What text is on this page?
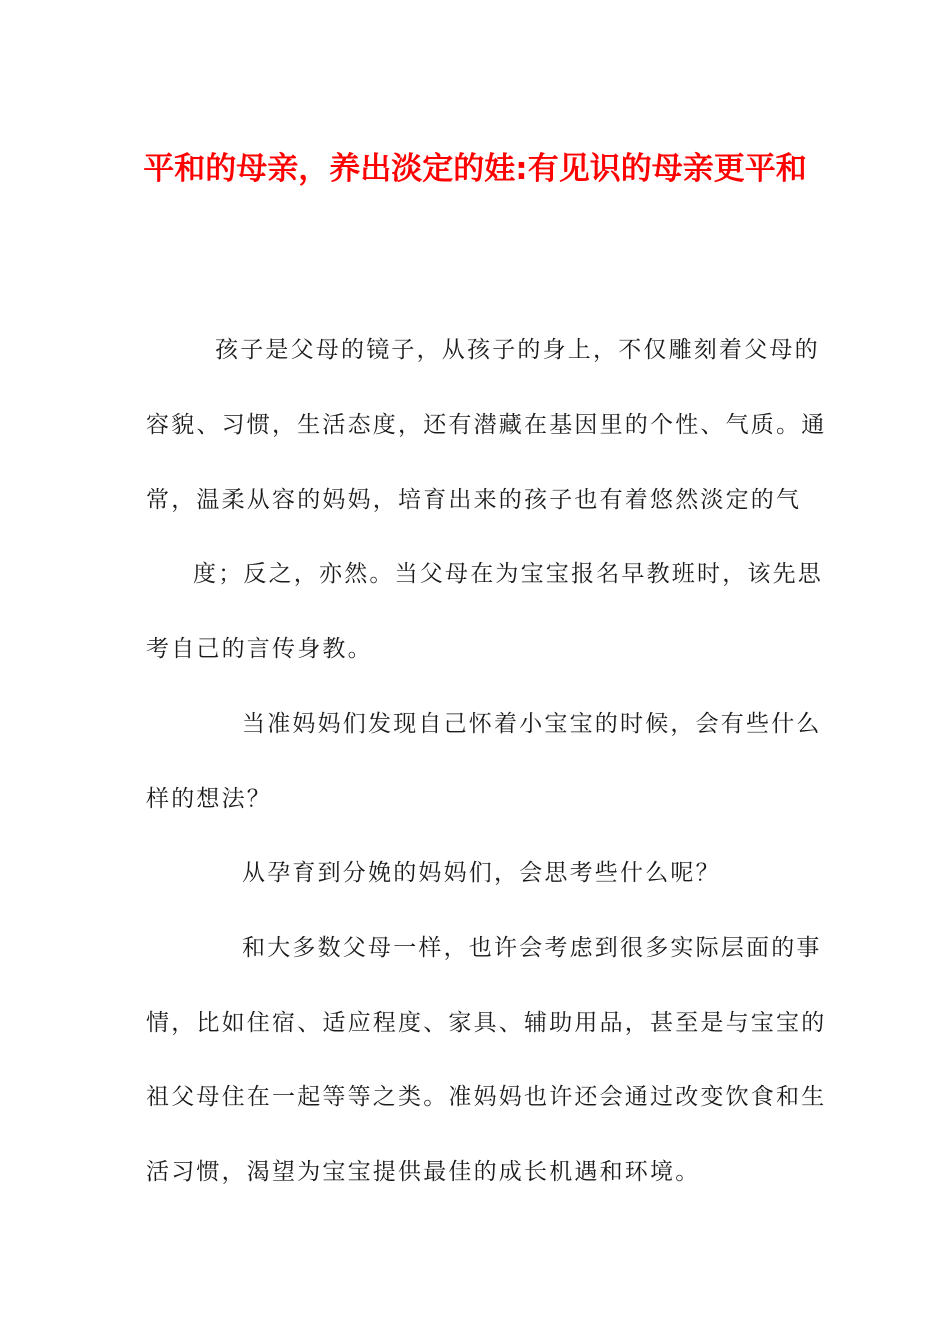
平和的母亲，养出淡定的娃:有见识的母亲更平和
孩子是父母的镜子，从孩子的身上，不仅雕刻着父母的
容貌、习惯，生活态度，还有潜藏在基因里的个性、气质。通
常，温柔从容的妈妈，培育出来的孩子也有着悠然淡定的气
度；反之，亦然。当父母在为宝宝报名早教班时，该先思
考自己的言传身教。
当准妈妈们发现自己怀着小宝宝的时候，会有些什么
样的想法？
从孕育到分娩的妈妈们，会思考些什么呢？
和大多数父母一样，也许会考虑到很多实际层面的事
情，比如住宿、适应程度、家具、辅助用品，甚至是与宝宝的
祖父母住在一起等等之类。准妈妈也许还会通过改变饮食和生
活习惯，渴望为宝宝提供最佳的成长机遇和环境。
